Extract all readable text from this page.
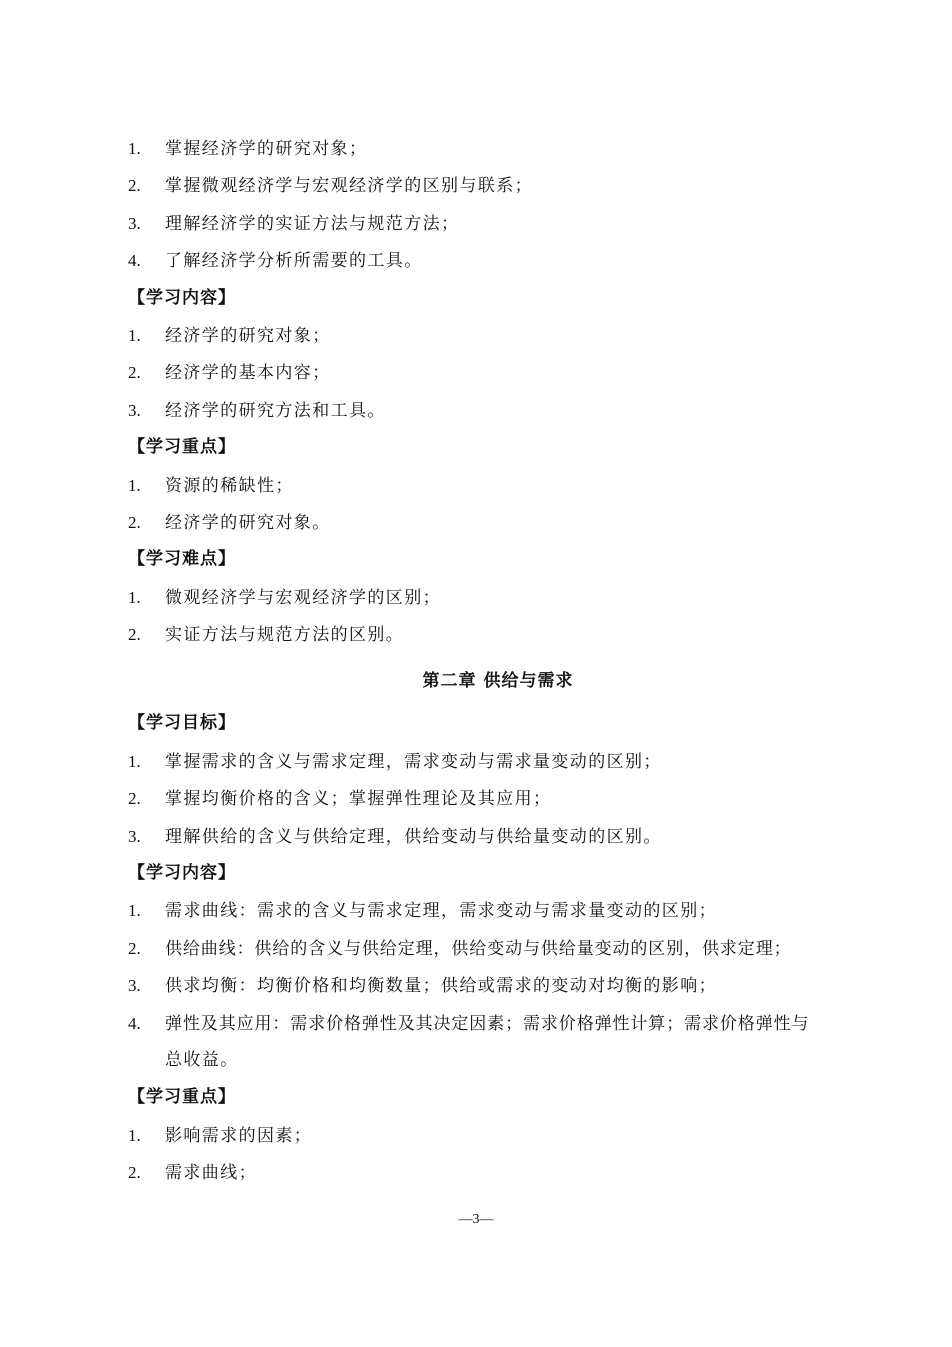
1. 掌握经济学的研究对象；
2. 掌握微观经济学与宏观经济学的区别与联系；
3. 理解经济学的实证方法与规范方法；
4. 了解经济学分析所需要的工具。
【学习内容】
1. 经济学的研究对象；
2. 经济学的基本内容；
3. 经济学的研究方法和工具。
【学习重点】
1. 资源的稀缺性；
2. 经济学的研究对象。
【学习难点】
1. 微观经济学与宏观经济学的区别；
2. 实证方法与规范方法的区别。
第二章 供给与需求
【学习目标】
1. 掌握需求的含义与需求定理，需求变动与需求量变动的区别；
2. 掌握均衡价格的含义；掌握弹性理论及其应用；
3. 理解供给的含义与供给定理，供给变动与供给量变动的区别。
【学习内容】
1. 需求曲线：需求的含义与需求定理，需求变动与需求量变动的区别；
2. 供给曲线：供给的含义与供给定理，供给变动与供给量变动的区别，供求定理；
3. 供求均衡：均衡价格和均衡数量；供给或需求的变动对均衡的影响；
4. 弹性及其应用：需求价格弹性及其决定因素；需求价格弹性计算；需求价格弹性与
总收益。
【学习重点】
1. 影响需求的因素；
2. 需求曲线；
—3—
